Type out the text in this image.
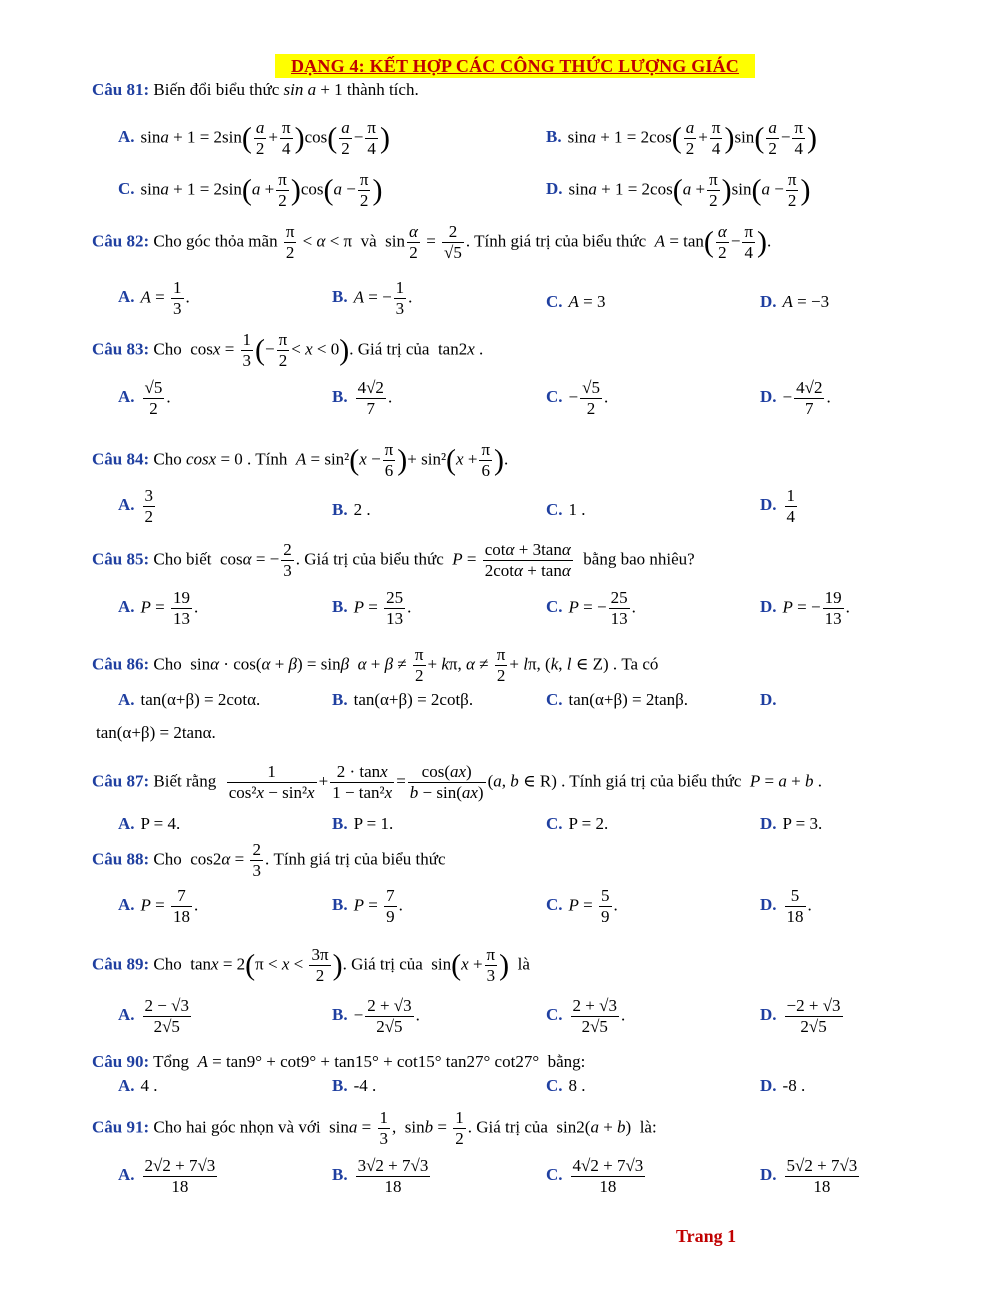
DẠNG 4: KẾT HỢP CÁC CÔNG THỨC LƯỢNG GIÁC
Câu 81: Biến đổi biểu thức sin a + 1 thành tích.
A. $\sin a + 1 = 2\sin( \frac{a}{2} + \frac{\pi}{4} )\cos( \frac{a}{2} - \frac{\pi}{4}$ )	B. $\sin a + 1 = 2\cos( \frac{a}{2} + \frac{\pi}{4} )\sin( \frac{a}{2} - \frac{\pi}{4}$ )
C. $\sin a + 1 = 2\sin(a + \frac{\pi}{2} )\cos(a - \frac{\pi}{2}$ )	D. $\sin a + 1 = 2\cos(a + \frac{\pi}{2} )\sin(a - \frac{\pi}{2}$ )
Câu 82: Cho góc thỏa mãn $\frac{\pi}{2} < \alpha < \pi$  và  $\sin \frac{\alpha}{2} = \frac{2}{√5}$ . Tính giá trị của biểu thức  $A = \tan( \frac{\alpha}{2} - \frac{\pi}{4}$ ).
A. $A = \frac{1}{3}$ .	B. A = − $\frac{1}{3}$ .	C. A = 3	D. A = −3
Câu 83: Cho  $\cos x = \frac{1}{3}$ (− $\frac{\pi}{2} < x < 0$). Giá trị của  tan2x .
A. $\frac{√5}{2}$ .	B. $\frac{4√2}{7}$ .	C. − $\frac{√5}{2}$ .	D. − $\frac{4√2}{7}$ .
Câu 84: Cho cosx = 0 . Tính  $A = \sin^2(x - \frac{\pi}{6}$ )+ $\sin^2(x + \frac{\pi}{6}$ ).
A. $\frac{3}{2}$	B. 2 .	C. 1 .	D. $\frac{1}{4}$
Câu 85: Cho biết  cosα = − $\frac{2}{3}$ . Giá trị của biểu thức  $P = \frac{\cot\alpha + 3\tan\alpha}{2\cot\alpha + \tan\alpha}$ bằng bao nhiêu?
A. $P = \frac{19}{13}$ .	B. $P = \frac{25}{13}$ .	C. P = − $\frac{25}{13}$ .	D. P = − $\frac{19}{13}$ .
Câu 86: Cho  sinα · cos(α + β) = sinβ $\alpha + \beta \ne \frac{\pi}{2} + k\pi$, $\alpha \ne \frac{\pi}{2} + l\pi$, (k, l ∈ Z) . Ta có
A. tan(α+β) = 2cotα.	B. tan(α+β) = 2cotβ.	C. tan(α+β) = 2tanβ.	D.
tan(α+β) = 2tanα.
Câu 87: Biết rằng $\frac{1}{\text{cos²x − sin²x}} + \frac{2 \cdot \tan x}{\text{1 − tan²x}} = \frac{\cos(ax)}{b - \sin(ax)} (a$, b ∈ R) . Tính giá trị của biểu thức  P = a + b .
A. P = 4.	B. P = 1.	C. P = 2.	D. P = 3.
Câu 88: Cho  $\cos 2\alpha = \frac{2}{3}$ . Tính giá trị của biểu thức
A. $P = \frac{7}{18}$ .	B. $P = \frac{7}{9}$ .	C. $P = \frac{5}{9}$ .	D. $\frac{5}{18}$ .
Câu 89: Cho  $\tan x = 2(\pi < x < \frac{3\pi}{2}$ ). Giá trị của  $\sin(x + \frac{\pi}{3}$ )  là
A. $\frac{2 - √3}{2√5}$	B. − $\frac{2 + √3}{2√5}$ .	C. $\frac{2 + √3}{2√5}$ .	D. $\frac{-2 + √3}{2√5}$
Câu 90: Tổng  A = tan9° + cot9° + tan15° + cot15° tan27° cot27°  bằng:
A. 4 .	B. -4 .	C. 8 .	D. -8 .
Câu 91: Cho hai góc nhọn và với  $\sin a = \frac{1}{3}$ ,  $\sin b = \frac{1}{2}$ . Giá trị của  sin2(a + b)  là:
A. $\frac{2√2 + 7√3}{18}$	B. $\frac{3√2 + 7√3}{18}$	C. $\frac{4√2 + 7√3}{18}$	D. $\frac{5√2 + 7√3}{18}$
Trang 1
